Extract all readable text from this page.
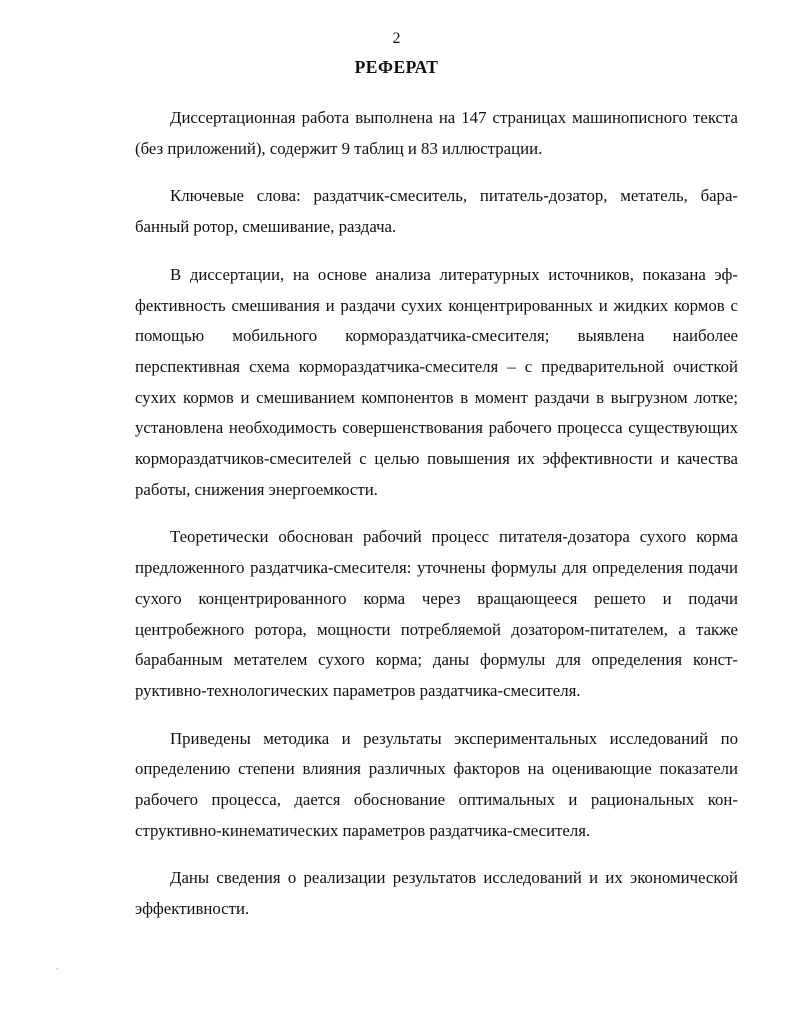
2
РЕФЕРАТ

Диссертационная работа выполнена на 147 страницах машинописного текста (без приложений), содержит 9 таблиц и 83 иллюстрации.

Ключевые слова: раздатчик-смеситель, питатель-дозатор, метатель, барабанный ротор, смешивание, раздача.

В диссертации, на основе анализа литературных источников, показана эффективность смешивания и раздачи сухих концентрированных и жидких кормов с помощью мобильного кормораздатчика-смесителя; выявлена наиболее перспективная схема кормораздатчика-смесителя – с предварительной очисткой сухих кормов и смешиванием компонентов в момент раздачи в выгрузном лотке; установлена необходимость совершенствования рабочего процесса существующих кормораздатчиков-смесителей с целью повышения их эффективности и качества работы, снижения энергоемкости.

Теоретически обоснован рабочий процесс питателя-дозатора сухого корма предложенного раздатчика-смесителя: уточнены формулы для определения подачи сухого концентрированного корма через вращающееся решето и подачи центробежного ротора, мощности потребляемой дозатором-питателем, а также барабанным метателем сухого корма; даны формулы для определения конструктивно-технологических параметров раздатчика-смесителя.

Приведены методика и результаты экспериментальных исследований по определению степени влияния различных факторов на оценивающие показатели рабочего процесса, дается обоснование оптимальных и рациональных конструктивно-кинематических параметров раздатчика-смесителя.

Даны сведения о реализации результатов исследований и их экономической эффективности.
